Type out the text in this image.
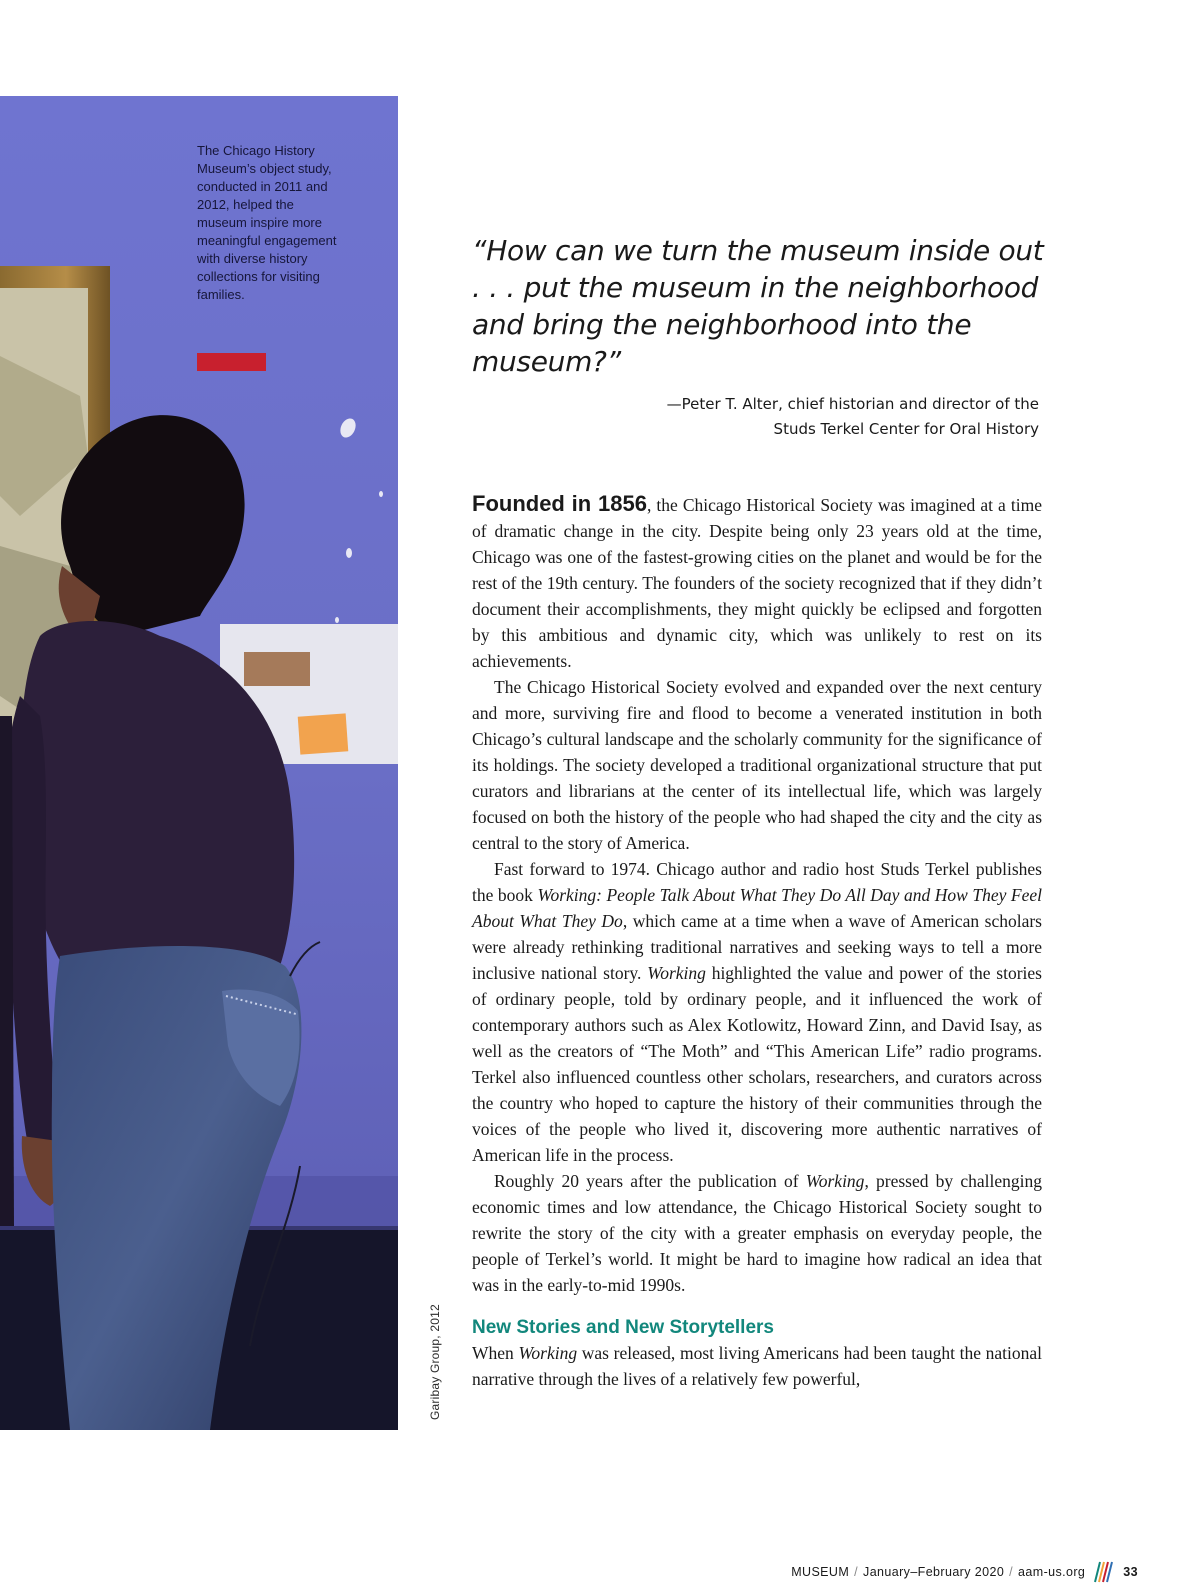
The Chicago History Museum’s object study, conducted in 2011 and 2012, helped the museum inspire more meaningful engagement with diverse history collections for visiting families.

Garibay Group, 2012

“How can we turn the museum inside out . . . put the museum in the neighborhood and bring the neighborhood into the museum?”

—Peter T. Alter, chief historian and director of the
Studs Terkel Center for Oral History

Founded in 1856, the Chicago Historical Society was imagined at a time of dramatic change in the city. Despite being only 23 years old at the time, Chicago was one of the fastest-growing cities on the planet and would be for the rest of the 19th century. The founders of the society recognized that if they didn’t document their accomplishments, they might quickly be eclipsed and forgotten by this ambitious and dynamic city, which was unlikely to rest on its achievements.

The Chicago Historical Society evolved and expanded over the next century and more, surviving fire and flood to become a venerated institution in both Chicago’s cultural landscape and the scholarly community for the significance of its holdings. The society developed a traditional organizational structure that put curators and librarians at the center of its intellectual life, which was largely focused on both the history of the people who had shaped the city and the city as central to the story of America.

Fast forward to 1974. Chicago author and radio host Studs Terkel publishes the book Working: People Talk About What They Do All Day and How They Feel About What They Do, which came at a time when a wave of American scholars were already rethinking traditional narratives and seeking ways to tell a more inclusive national story. Working highlighted the value and power of the stories of ordinary people, told by ordinary people, and it influenced the work of contemporary authors such as Alex Kotlowitz, Howard Zinn, and David Isay, as well as the creators of “The Moth” and “This American Life” radio programs. Terkel also influenced countless other scholars, researchers, and curators across the country who hoped to capture the history of their communities through the voices of the people who lived it, discovering more authentic narratives of American life in the process.

Roughly 20 years after the publication of Working, pressed by challenging economic times and low attendance, the Chicago Historical Society sought to rewrite the story of the city with a greater emphasis on everyday people, the people of Terkel’s world. It might be hard to imagine how radical an idea that was in the early-to-mid 1990s.

New Stories and New Storytellers

When Working was released, most living Americans had been taught the national narrative through the lives of a relatively few powerful,

MUSEUM / January–February 2020 / aam-us.org	33
